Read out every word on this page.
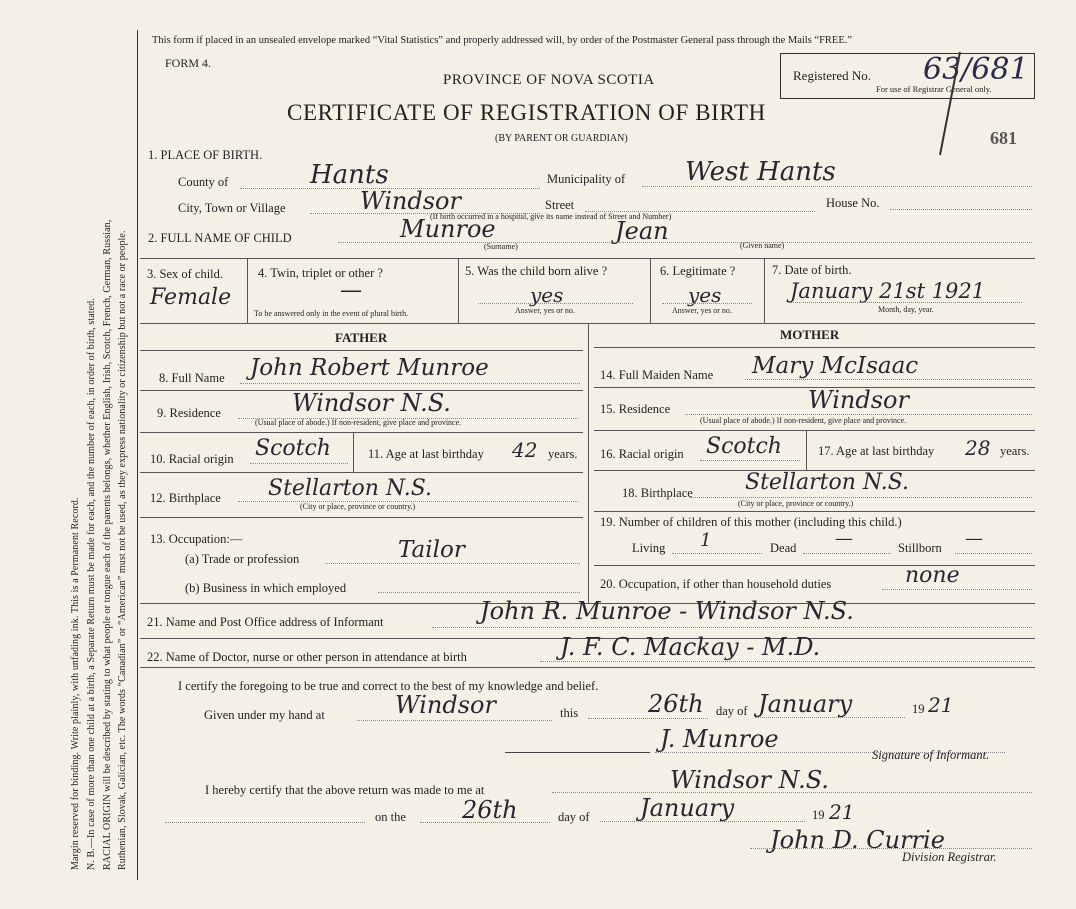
Margin reserved for binding. Write plainly, with unfading ink. This is a Permanent Record. N. B.—In case of more than one child at a birth, a Separate Return must be made for each, and the number of each, in order of birth, stated. RACIAL ORIGIN will be described by stating to what people or tongue each of the parents belongs, whether English, Irish, Scotch, French, German, Russian, Ruthenian, Slovak, Galician, etc. The words “Canadian” or “American” must not be used, as they express nationality or citizenship but not a race or people.
This form if placed in an unsealed envelope marked “Vital Statistics” and properly addressed will, by order of the Postmaster General pass through the Mails “FREE.”
FORM 4.
PROVINCE OF NOVA SCOTIA
CERTIFICATE OF REGISTRATION OF BIRTH
(BY PARENT OR GUARDIAN)
Registered No. 63/681
For use of Registrar General only.
681
1. PLACE OF BIRTH.
County of	Hants	Municipality of West Hants
City, Town or Village	Windsor	Street	House No.
(If birth occurred in a hospital, give its name instead of Street and Number)
2. FULL NAME OF CHILD	Munroe	Jean
(Surname)	(Given name)
3. Sex of child.
Female
4. Twin, triplet or other ?
—
To be answered only in the event of plural birth.
5. Was the child born alive ?
yes
Answer, yes or no.
6. Legitimate ?
yes
Answer, yes or no.
7. Date of birth.
January 21st 1921
Month, day, year.
FATHER	MOTHER
8. Full Name John Robert Munroe
9. Residence	Windsor N.S.
(Usual place of abode.) If non-resident, give place and province.
10. Racial origin Scotch	11. Age at last birthday 42 years.
12. Birthplace Stellarton N.S.
(City or place, province or country.)
13. Occupation:—
(a) Trade or profession	Tailor
(b) Business in which employed
14. Full Maiden Name Mary McIsaac
15. Residence	Windsor
(Usual place of abode.) If non-resident, give place and province.
16. Racial origin Scotch	17. Age at last birthday 28 years.
18. Birthplace Stellarton N.S.
(City or place, province or country.)
19. Number of children of this mother (including this child.)
Living 1	Dead —	Stillborn —
20. Occupation, if other than household duties	none
21. Name and Post Office address of Informant	John R. Munroe - Windsor N.S.
22. Name of Doctor, nurse or other person in attendance at birth	J. F. C. Mackay - M.D.
I certify the foregoing to be true and correct to the best of my knowledge and belief.
Given under my hand at	Windsor	this	26th day of January	19 21
J. Munroe
Signature of Informant.
I hereby certify that the above return was made to me at	Windsor N.S.
on the 26th	day of January	19 21
John D. Currie
Division Registrar.
